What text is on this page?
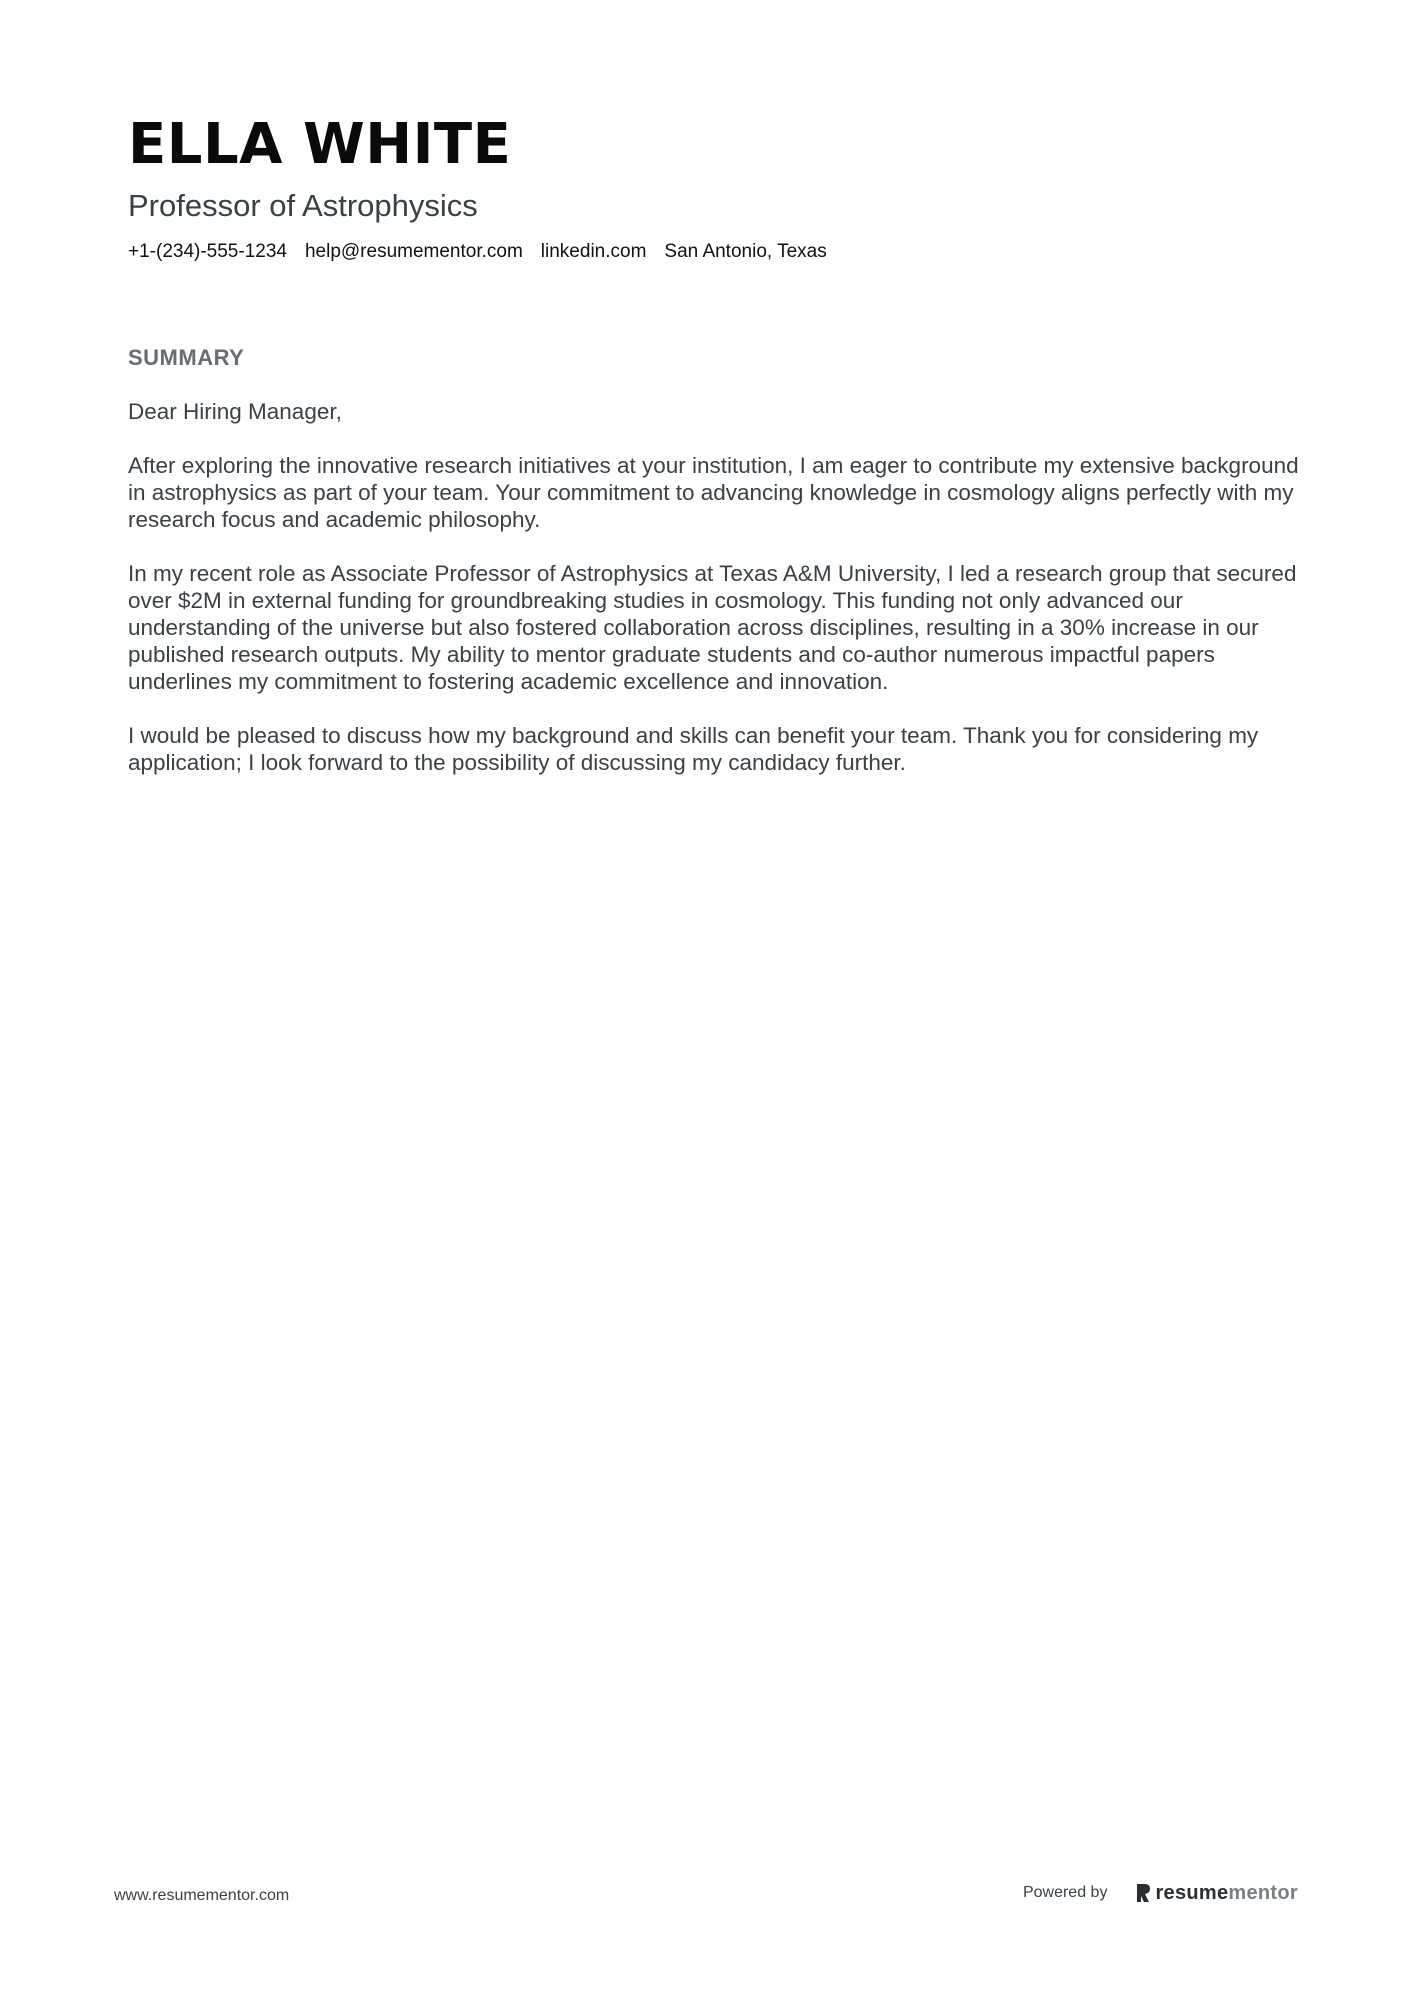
ELLA WHITE
Professor of Astrophysics
+1-(234)-555-1234 help@resumementor.com linkedin.com San Antonio, Texas
SUMMARY

Dear Hiring Manager,

After exploring the innovative research initiatives at your institution, I am eager to contribute my extensive background in astrophysics as part of your team. Your commitment to advancing knowledge in cosmology aligns perfectly with my research focus and academic philosophy.

In my recent role as Associate Professor of Astrophysics at Texas A&M University, I led a research group that secured over $2M in external funding for groundbreaking studies in cosmology. This funding not only advanced our understanding of the universe but also fostered collaboration across disciplines, resulting in a 30% increase in our published research outputs. My ability to mentor graduate students and co-author numerous impactful papers underlines my commitment to fostering academic excellence and innovation.

I would be pleased to discuss how my background and skills can benefit your team. Thank you for considering my application; I look forward to the possibility of discussing my candidacy further.

www.resumementor.com	Powered by resumementor
